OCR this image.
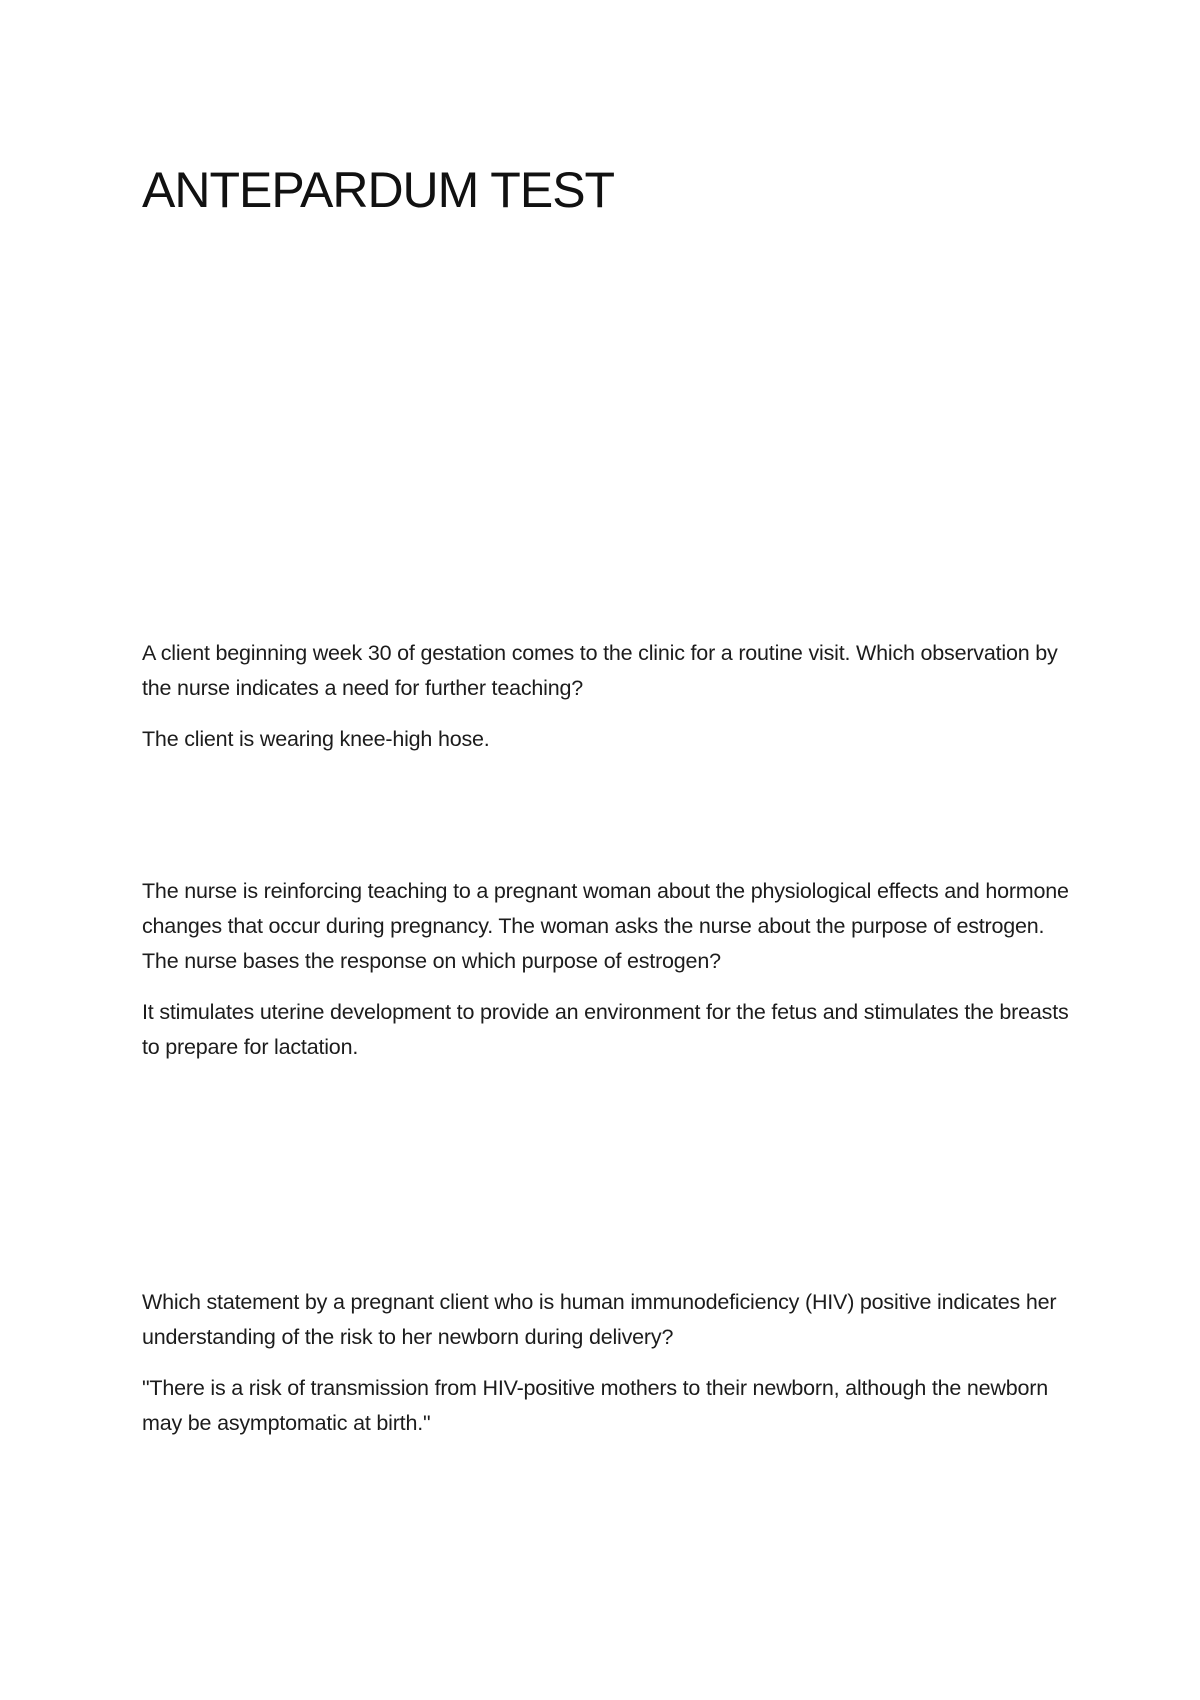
ANTEPARDUM TEST

A client beginning week 30 of gestation comes to the clinic for a routine visit. Which observation by the nurse indicates a need for further teaching?

The client is wearing knee-high hose.

The nurse is reinforcing teaching to a pregnant woman about the physiological effects and hormone changes that occur during pregnancy. The woman asks the nurse about the purpose of estrogen. The nurse bases the response on which purpose of estrogen?

It stimulates uterine development to provide an environment for the fetus and stimulates the breasts to prepare for lactation.

Which statement by a pregnant client who is human immunodeficiency (HIV) positive indicates her understanding of the risk to her newborn during delivery?

"There is a risk of transmission from HIV-positive mothers to their newborn, although the newborn may be asymptomatic at birth."
